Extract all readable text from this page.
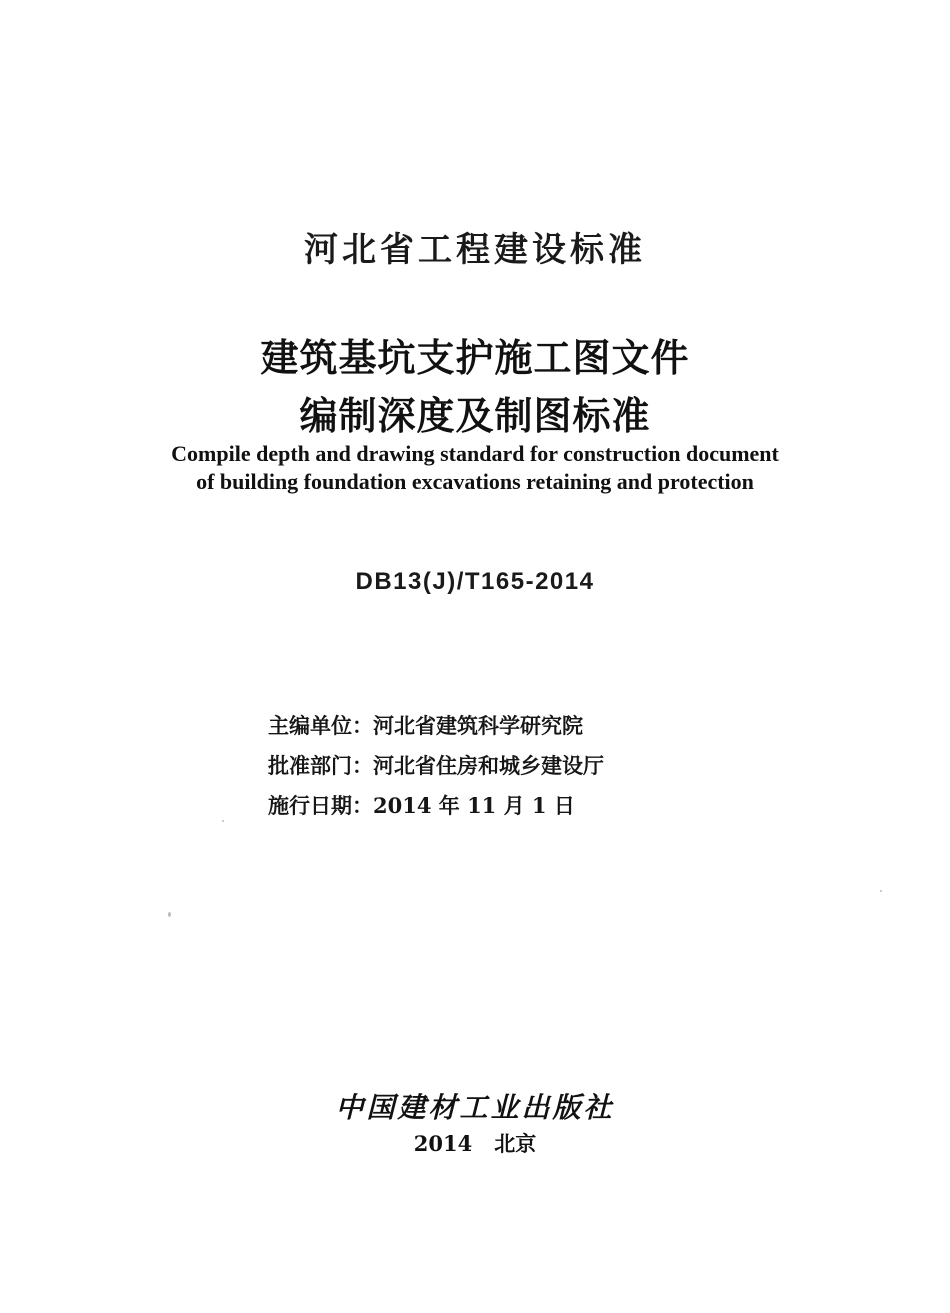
河北省工程建设标准
建筑基坑支护施工图文件
编制深度及制图标准
Compile depth and drawing standard for construction document
of building foundation excavations retaining and protection
DB13(J)/T165-2014
主编单位：河北省建筑科学研究院
批准部门：河北省住房和城乡建设厅
施行日期：2014 年 11 月 1 日
中国建材工业出版社
2014 北京
